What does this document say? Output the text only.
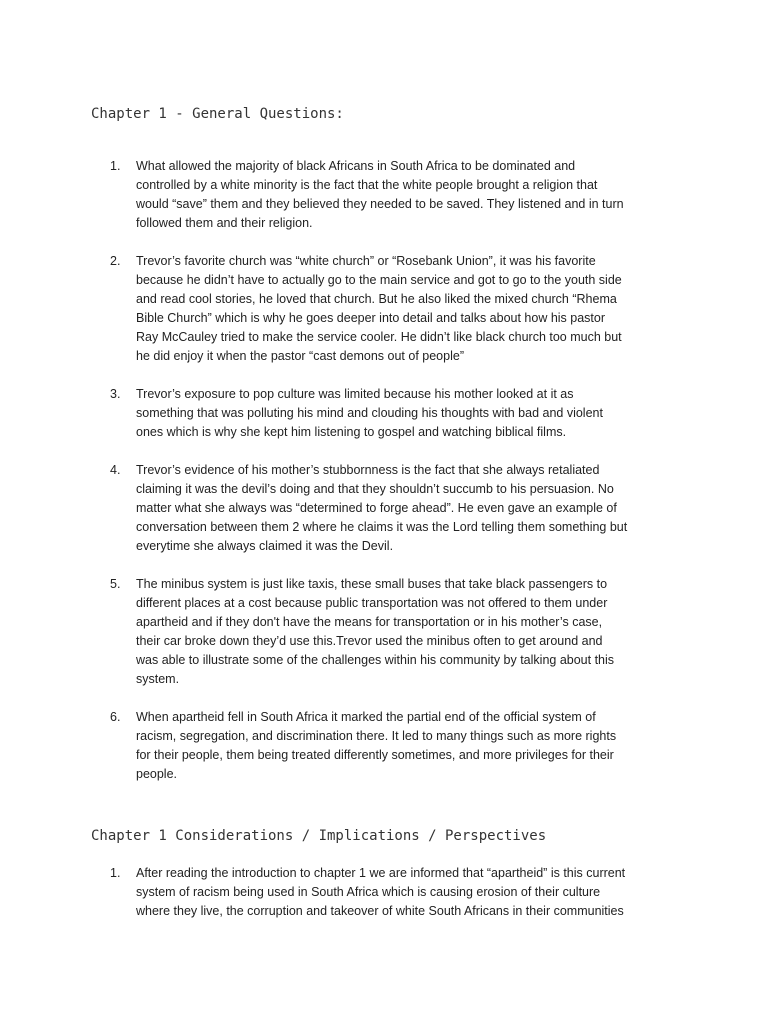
Chapter 1 - General Questions:
1. What allowed the majority of black Africans in South Africa to be dominated and
controlled by a white minority is the fact that the white people brought a religion that
would “save” them and they believed they needed to be saved. They listened and in turn
followed them and their religion.
2. Trevor’s favorite church was “white church” or “Rosebank Union”, it was his favorite
because he didn’t have to actually go to the main service and got to go to the youth side
and read cool stories, he loved that church. But he also liked the mixed church “Rhema
Bible Church” which is why he goes deeper into detail and talks about how his pastor
Ray McCauley tried to make the service cooler. He didn’t like black church too much but
he did enjoy it when the pastor “cast demons out of people”
3. Trevor’s exposure to pop culture was limited because his mother looked at it as
something that was polluting his mind and clouding his thoughts with bad and violent
ones which is why she kept him listening to gospel and watching biblical films.
4. Trevor’s evidence of his mother’s stubbornness is the fact that she always retaliated
claiming it was the devil’s doing and that they shouldn’t succumb to his persuasion. No
matter what she always was “determined to forge ahead”. He even gave an example of
conversation between them 2 where he claims it was the Lord telling them something but
everytime she always claimed it was the Devil.
5. The minibus system is just like taxis, these small buses that take black passengers to
different places at a cost because public transportation was not offered to them under
apartheid and if they don't have the means for transportation or in his mother’s case,
their car broke down they’d use this.Trevor used the minibus often to get around and
was able to illustrate some of the challenges within his community by talking about this
system.
6. When apartheid fell in South Africa it marked the partial end of the official system of
racism, segregation, and discrimination there. It led to many things such as more rights
for their people, them being treated differently sometimes, and more privileges for their
people.
Chapter 1 Considerations / Implications / Perspectives
1. After reading the introduction to chapter 1 we are informed that “apartheid” is this current
system of racism being used in South Africa which is causing erosion of their culture
where they live, the corruption and takeover of white South Africans in their communities
